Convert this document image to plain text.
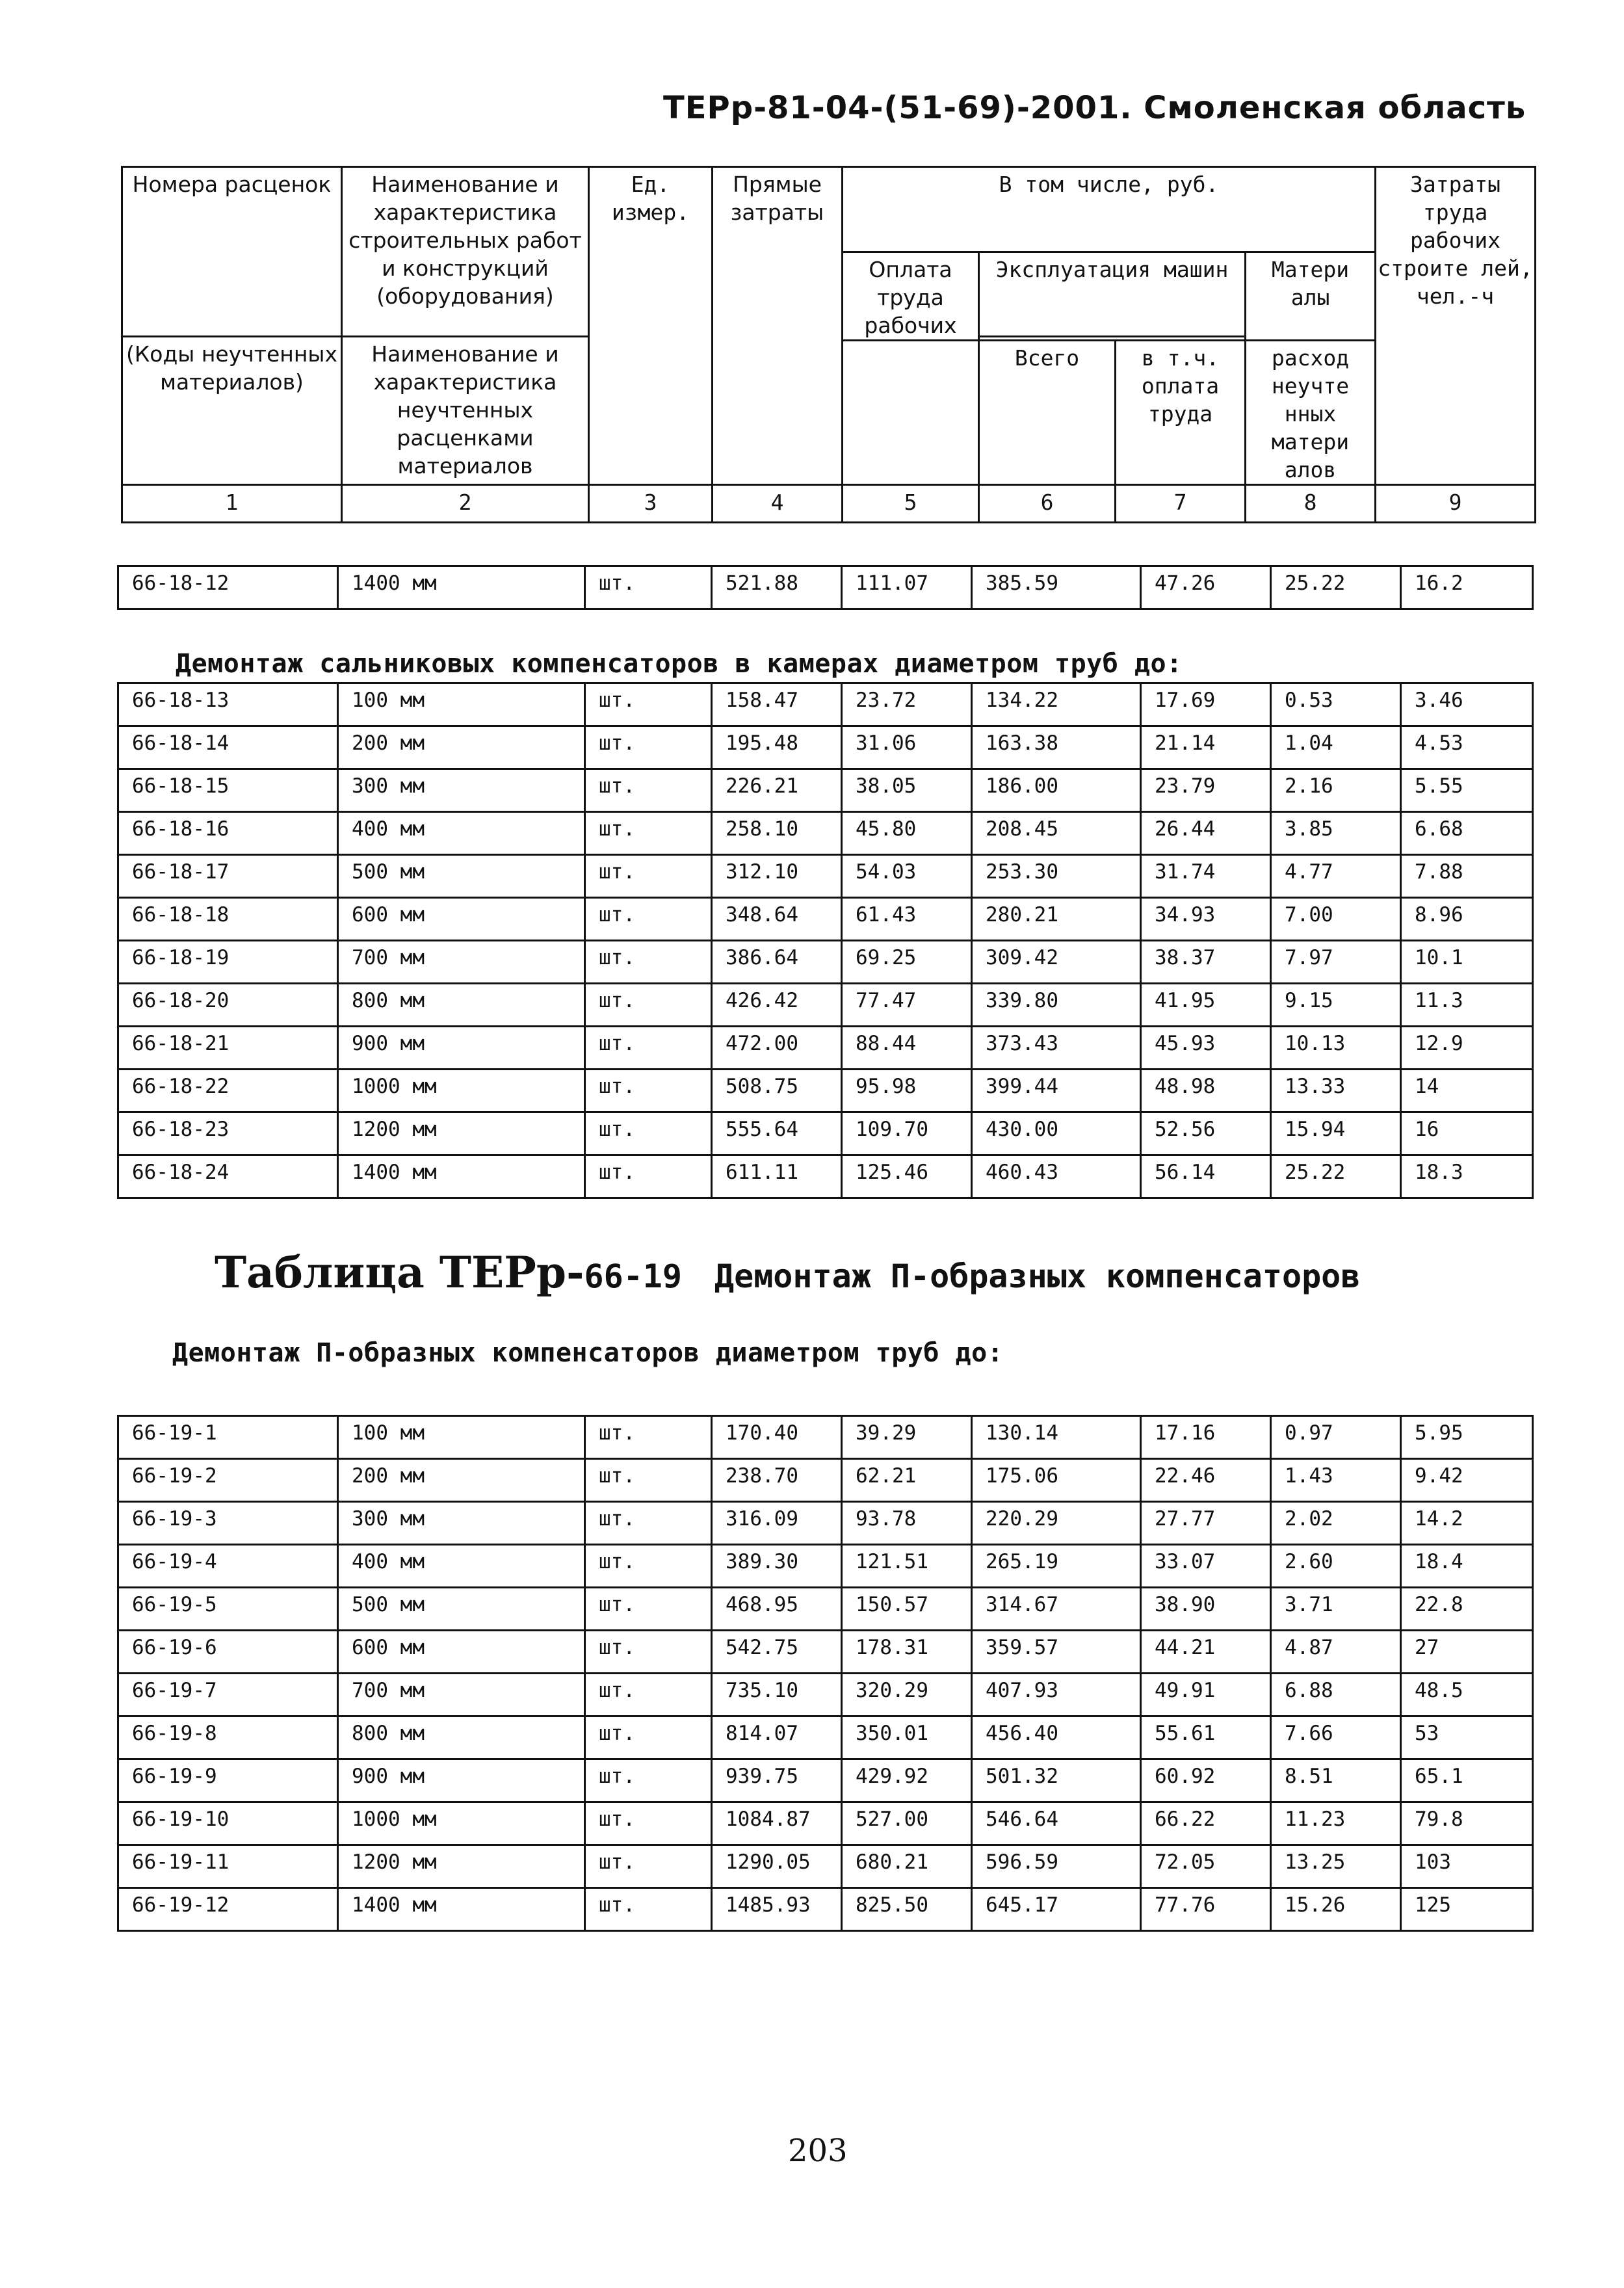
ТЕРр-81-04-(51-69)-2001. Смоленская область
Номера расценок	Наименование и характеристика строительных работ и конструкций (оборудования)	Ед. измер.	Прямые затраты	В том числе, руб.				Затраты труда рабочих строите лей, чел.-ч
				Оплата труда рабочих	Эксплуатация машин		Матери алы	
(Коды неучтенных материалов)	Наименование и характеристика неучтенных расценками материалов							
					Всего	в т.ч. оплата труда	расход неучте нных матери алов	
1	2	3	4	5	6	7	8	9
66-18-12	1400 мм	шт.	521.88	111.07	385.59	47.26	25.22	16.2
Демонтаж сальниковых компенсаторов в камерах диаметром труб до:
66-18-13	100 мм	шт.	158.47	23.72	134.22	17.69	0.53	3.46
66-18-14	200 мм	шт.	195.48	31.06	163.38	21.14	1.04	4.53
66-18-15	300 мм	шт.	226.21	38.05	186.00	23.79	2.16	5.55
66-18-16	400 мм	шт.	258.10	45.80	208.45	26.44	3.85	6.68
66-18-17	500 мм	шт.	312.10	54.03	253.30	31.74	4.77	7.88
66-18-18	600 мм	шт.	348.64	61.43	280.21	34.93	7.00	8.96
66-18-19	700 мм	шт.	386.64	69.25	309.42	38.37	7.97	10.1
66-18-20	800 мм	шт.	426.42	77.47	339.80	41.95	9.15	11.3
66-18-21	900 мм	шт.	472.00	88.44	373.43	45.93	10.13	12.9
66-18-22	1000 мм	шт.	508.75	95.98	399.44	48.98	13.33	14
66-18-23	1200 мм	шт.	555.64	109.70	430.00	52.56	15.94	16
66-18-24	1400 мм	шт.	611.11	125.46	460.43	56.14	25.22	18.3
Таблица ТЕРр-66-19 Демонтаж П-образных компенсаторов
Демонтаж П-образных компенсаторов диаметром труб до:
66-19-1	100 мм	шт.	170.40	39.29	130.14	17.16	0.97	5.95
66-19-2	200 мм	шт.	238.70	62.21	175.06	22.46	1.43	9.42
66-19-3	300 мм	шт.	316.09	93.78	220.29	27.77	2.02	14.2
66-19-4	400 мм	шт.	389.30	121.51	265.19	33.07	2.60	18.4
66-19-5	500 мм	шт.	468.95	150.57	314.67	38.90	3.71	22.8
66-19-6	600 мм	шт.	542.75	178.31	359.57	44.21	4.87	27
66-19-7	700 мм	шт.	735.10	320.29	407.93	49.91	6.88	48.5
66-19-8	800 мм	шт.	814.07	350.01	456.40	55.61	7.66	53
66-19-9	900 мм	шт.	939.75	429.92	501.32	60.92	8.51	65.1
66-19-10	1000 мм	шт.	1084.87	527.00	546.64	66.22	11.23	79.8
66-19-11	1200 мм	шт.	1290.05	680.21	596.59	72.05	13.25	103
66-19-12	1400 мм	шт.	1485.93	825.50	645.17	77.76	15.26	125
203
